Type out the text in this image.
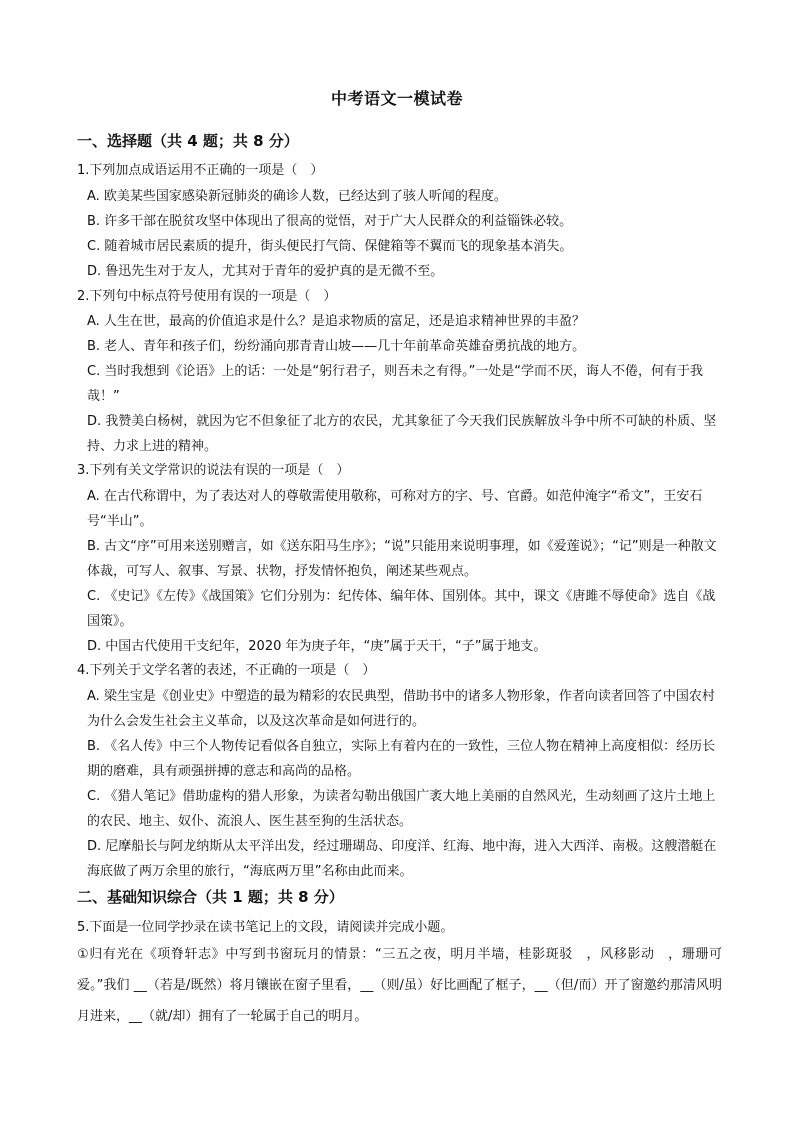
中考语文一模试卷
一、选择题（共 4 题；共 8 分）
1.下列加点成语运用不正确的一项是（　）
A. 欧美某些国家感染新冠肺炎的确诊人数，已经达到了骇人听闻的程度。
B. 许多干部在脱贫攻坚中体现出了很高的觉悟，对于广大人民群众的利益锱铢必较。
C. 随着城市居民素质的提升，街头便民打气筒、保健箱等不翼而飞的现象基本消失。
D. 鲁迅先生对于友人，尤其对于青年的爱护真的是无微不至。
2.下列句中标点符号使用有误的一项是（　）
A. 人生在世，最高的价值追求是什么？是追求物质的富足，还是追求精神世界的丰盈？
B. 老人、青年和孩子们，纷纷涌向那青青山坡——几十年前革命英雄奋勇抗战的地方。
C. 当时我想到《论语》上的话：一处是“躬行君子，则吾未之有得。”一处是“学而不厌，诲人不倦，何有于我哉！”
D. 我赞美白杨树，就因为它不但象征了北方的农民，尤其象征了今天我们民族解放斗争中所不可缺的朴质、坚持、力求上进的精神。
3.下列有关文学常识的说法有误的一项是（　）
A. 在古代称谓中，为了表达对人的尊敬需使用敬称，可称对方的字、号、官爵。如范仲淹字“希文”，王安石号“半山”。
B. 古文“序”可用来送别赠言，如《送东阳马生序》；“说”只能用来说明事理，如《爱莲说》；“记”则是一种散文体裁，可写人、叙事、写景、状物，抒发情怀抱负，阐述某些观点。
C. 《史记》《左传》《战国策》它们分别为：纪传体、编年体、国别体。其中，课文《唐雎不辱使命》选自《战国策》。
D. 中国古代使用干支纪年，2020 年为庚子年，“庚”属于天干，“子”属于地支。
4.下列关于文学名著的表述，不正确的一项是（　）
A. 梁生宝是《创业史》中塑造的最为精彩的农民典型，借助书中的诸多人物形象，作者向读者回答了中国农村为什么会发生社会主义革命，以及这次革命是如何进行的。
B. 《名人传》中三个人物传记看似各自独立，实际上有着内在的一致性，三位人物在精神上高度相似：经历长期的磨难，具有顽强拼搏的意志和高尚的品格。
C. 《猎人笔记》借助虚构的猎人形象，为读者勾勒出俄国广袤大地上美丽的自然风光，生动刻画了这片土地上的农民、地主、奴仆、流浪人、医生甚至狗的生活状态。
D. 尼摩船长与阿龙纳斯从太平洋出发，经过珊瑚岛、印度洋、红海、地中海，进入大西洋、南极。这艘潜艇在海底做了两万余里的旅行，“海底两万里”名称由此而来。
二、基础知识综合（共 1 题；共 8 分）
5.下面是一位同学抄录在读书笔记上的文段，请阅读并完成小题。
①归有光在《项脊轩志》中写到书窗玩月的情景：“三五之夜，明月半墙，桂影斑驳　，风移影动　，珊珊可爱。”我们 __（若是/既然）将月镶嵌在窗子里看，__（则/虽）好比画配了框子，__（但/而）开了窗邀约那清风明月进来，__（就/却）拥有了一轮属于自己的明月。
